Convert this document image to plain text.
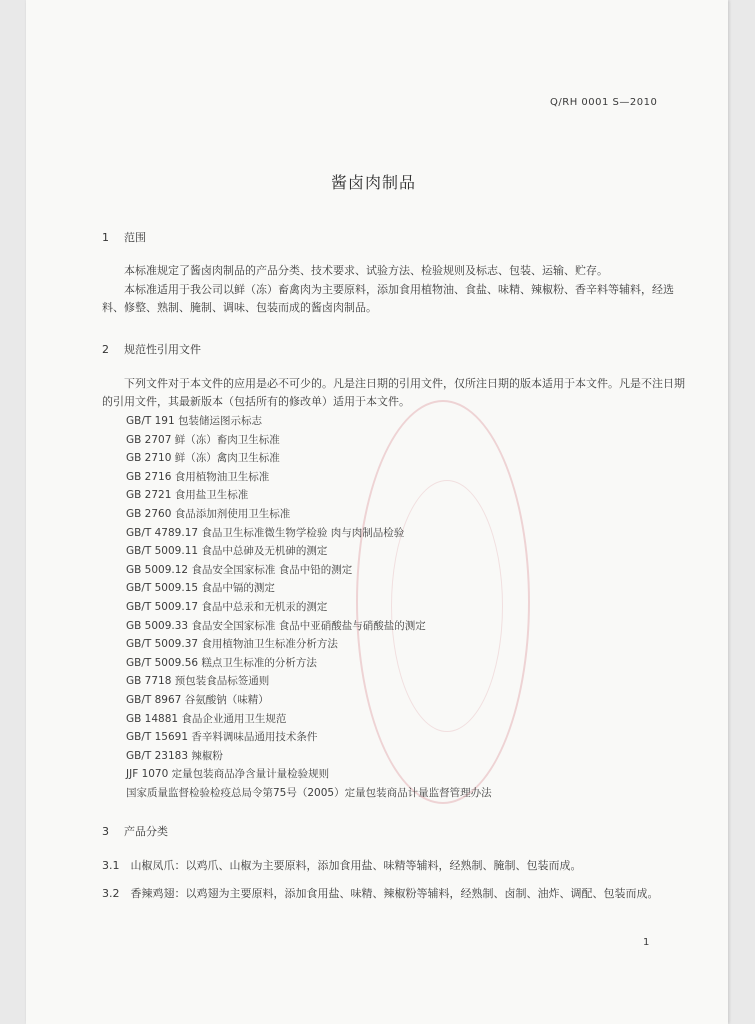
Q/RH 0001 S—2010
酱卤肉制品
1 范围
本标准规定了酱卤肉制品的产品分类、技术要求、试验方法、检验规则及标志、包装、运输、贮存。
本标准适用于我公司以鲜（冻）畜禽肉为主要原料，添加食用植物油、食盐、味精、辣椒粉、香辛料等辅料，经选料、修整、熟制、腌制、调味、包装而成的酱卤肉制品。
2 规范性引用文件
下列文件对于本文件的应用是必不可少的。凡是注日期的引用文件，仅所注日期的版本适用于本文件。凡是不注日期的引用文件，其最新版本（包括所有的修改单）适用于本文件。
GB/T 191 包装储运图示标志
GB 2707 鲜（冻）畜肉卫生标准
GB 2710 鲜（冻）禽肉卫生标准
GB 2716 食用植物油卫生标准
GB 2721 食用盐卫生标准
GB 2760 食品添加剂使用卫生标准
GB/T 4789.17 食品卫生标准微生物学检验 肉与肉制品检验
GB/T 5009.11 食品中总砷及无机砷的测定
GB 5009.12 食品安全国家标准 食品中铅的测定
GB/T 5009.15 食品中镉的测定
GB/T 5009.17 食品中总汞和无机汞的测定
GB 5009.33 食品安全国家标准 食品中亚硝酸盐与硝酸盐的测定
GB/T 5009.37 食用植物油卫生标准分析方法
GB/T 5009.56 糕点卫生标准的分析方法
GB 7718 预包装食品标签通则
GB/T 8967 谷氨酸钠（味精）
GB 14881 食品企业通用卫生规范
GB/T 15691 香辛料调味品通用技术条件
GB/T 23183 辣椒粉
JJF 1070 定量包装商品净含量计量检验规则
国家质量监督检验检疫总局令第75号（2005）定量包装商品计量监督管理办法
3 产品分类
3.1　山椒凤爪：以鸡爪、山椒为主要原料，添加食用盐、味精等辅料，经熟制、腌制、包装而成。
3.2　香辣鸡翅：以鸡翅为主要原料，添加食用盐、味精、辣椒粉等辅料，经熟制、卤制、油炸、调配、包装而成。
1
